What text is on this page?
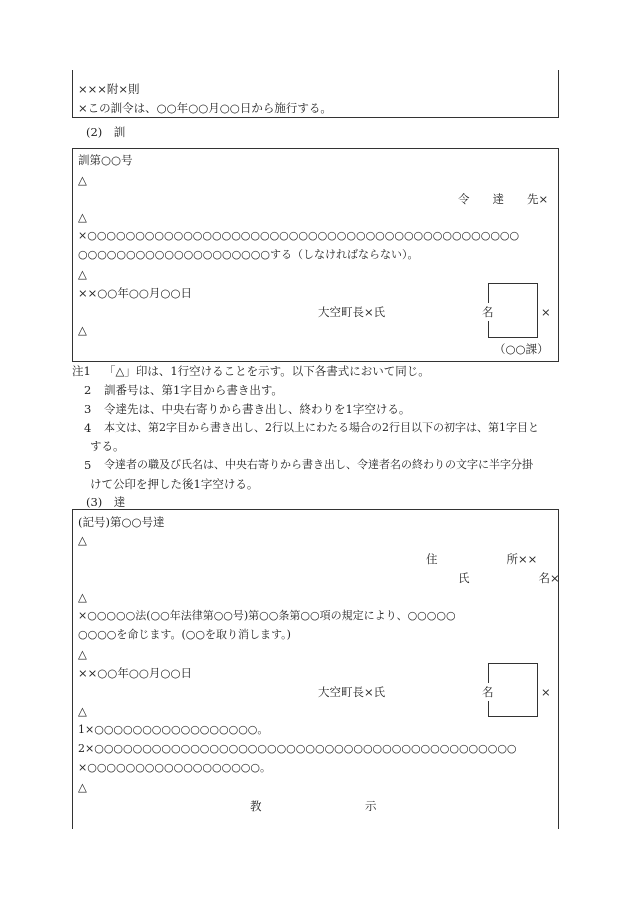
×××附×則
×この訓令は、○○年○○月○○日から施行する。
(2)　訓
訓第○○号
△
令　　達　　先×
△
×○○○○○○○○○○○○○○○○○○○○○○○○○○○○○○○○○○○○○○○○○○○○○
○○○○○○○○○○○○○○○○○○○○する（しなければならない）。
△
××○○年○○月○○日
大空町長×氏	名	×
△
（○○課）
注1 「△」印は、1行空けることを示す。以下各書式において同じ。
2 訓番号は、第1字目から書き出す。
3 令達先は、中央右寄りから書き出し、終わりを1字空ける。
4 本文は、第2字目から書き出し、2行以上にわたる場合の2行目以下の初字は、第1字目と
する。
5 令達者の職及び氏名は、中央右寄りから書き出し、令達者名の終わりの文字に半字分掛
けて公印を押した後1字空ける。
(3)　達
(記号)第○○号達
△
住　　　　　　所××
氏　　　　　　名×
△
×○○○○○法(○○年法律第○○号)第○○条第○○項の規定により、○○○○○
○○○○を命じます。(○○を取り消します。)
△
××○○年○○月○○日
大空町長×氏	名	×
△
1×○○○○○○○○○○○○○○○○○。
2×○○○○○○○○○○○○○○○○○○○○○○○○○○○○○○○○○○○○○○○○○○○○
×○○○○○○○○○○○○○○○○○○。
△
教　　　　　　　　　示
